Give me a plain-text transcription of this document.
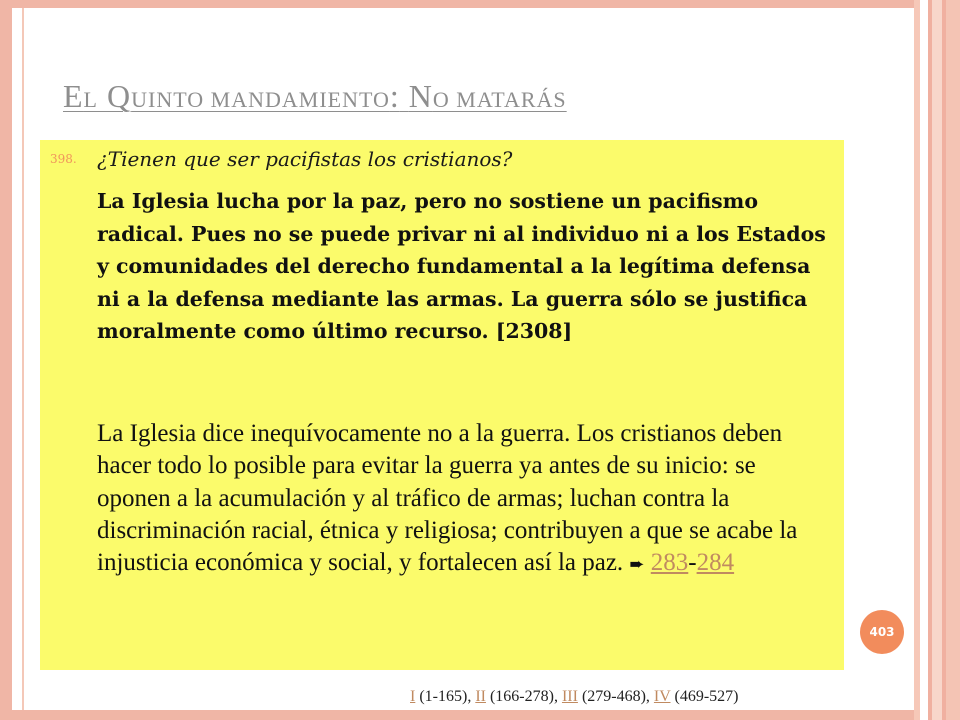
EL QUINTO MANDAMIENTO: NO MATARÁS
398. ¿Tienen que ser pacifistas los cristianos?
La Iglesia lucha por la paz, pero no sostiene un pacifismo radical. Pues no se puede privar ni al individuo ni a los Estados y comunidades del derecho fundamental a la legítima defensa ni a la defensa mediante las armas. La guerra sólo se justifica moralmente como último recurso. [2308]
La Iglesia dice inequívocamente no a la guerra. Los cristianos deben hacer todo lo posible para evitar la guerra ya antes de su inicio: se oponen a la acumulación y al tráfico de armas; luchan contra la discriminación racial, étnica y religiosa; contribuyen a que se acabe la injusticia económica y social, y fortalecen así la paz. ➨ 283-284
403
I (1-165), II (166-278), III (279-468), IV (469-527)
